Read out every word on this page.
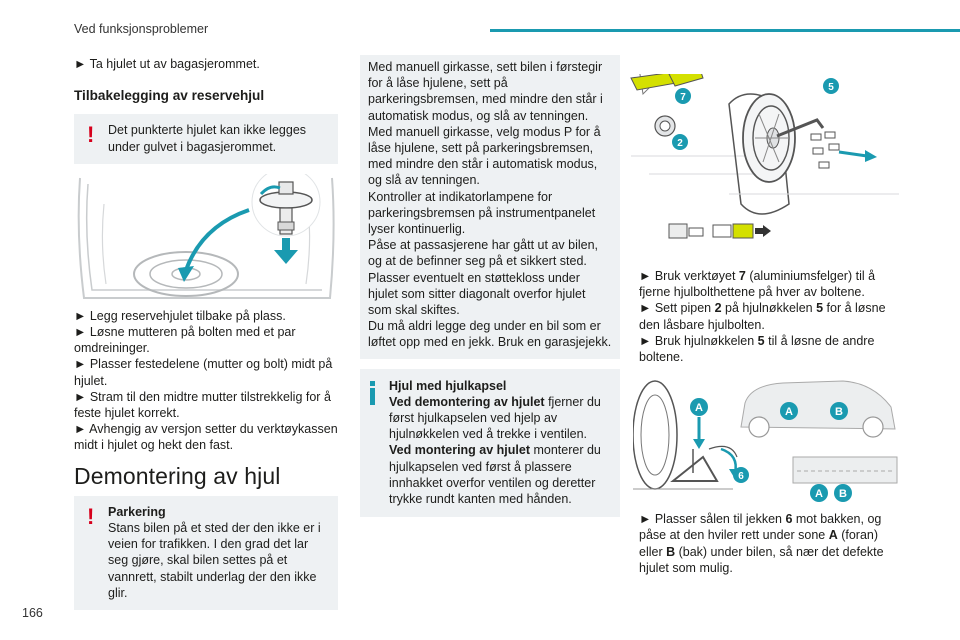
Ved funksjonsproblemer
166

► Ta hjulet ut av bagasjerommet.

Tilbakelegging av reservehjul
! Det punkterte hjulet kan ikke legges under gulvet i bagasjerommet.

► Legg reservehjulet tilbake på plass.

► Løsne mutteren på bolten med et par omdreininger.

► Plasser festedelene (mutter og bolt) midt på hjulet.

► Stram til den midtre mutter tilstrekkelig for å feste hjulet korrekt.

► Avhengig av versjon setter du verktøykassen midt i hjulet og hekt den fast.

Demontering av hjul
! Parkering

Stans bilen på et sted der den ikke er i veien for trafikken. I den grad det lar seg gjøre, skal bilen settes på et vannrett, stabilt underlag der den ikke glir.

Med manuell girkasse, sett bilen i førstegir for å låse hjulene, sett på parkeringsbremsen, med mindre den står i automatisk modus, og slå av tenningen.
Med manuell girkasse, velg modus P for å låse hjulene, sett på parkeringsbremsen, med mindre den står i automatisk modus, og slå av tenningen.
Kontroller at indikatorlampene for parkeringsbremsen på instrumentpanelet lyser kontinuerlig.
Påse at passasjerene har gått ut av bilen, og at de befinner seg på et sikkert sted.
Plasser eventuelt en støttekloss under hjulet som sitter diagonalt overfor hjulet som skal skiftes.
Du må aldri legge deg under en bil som er løftet opp med en jekk. Bruk en garasjejekk.

Hjul med hjulkapsel

Ved demontering av hjulet fjerner du først hjulkapselen ved hjelp av hjulnøkkelen ved å trekke i ventilen.

Ved montering av hjulet monterer du hjulkapselen ved først å plassere innhakket overfor ventilen og deretter trykke rundt kanten med hånden.

7
2
5

► Bruk verktøyet 7 (aluminiumsfelger) til å fjerne hjulbolthettene på hver av boltene.

► Sett pipen 2 på hjulnøkkelen 5 for å løsne den låsbare hjulbolten.

► Bruk hjulnøkkelen 5 til å løsne de andre boltene.

A
6
A	B
A B

► Plasser sålen til jekken 6 mot bakken, og påse at den hviler rett under sone A (foran) eller B (bak) under bilen, så nær det defekte hjulet som mulig.
